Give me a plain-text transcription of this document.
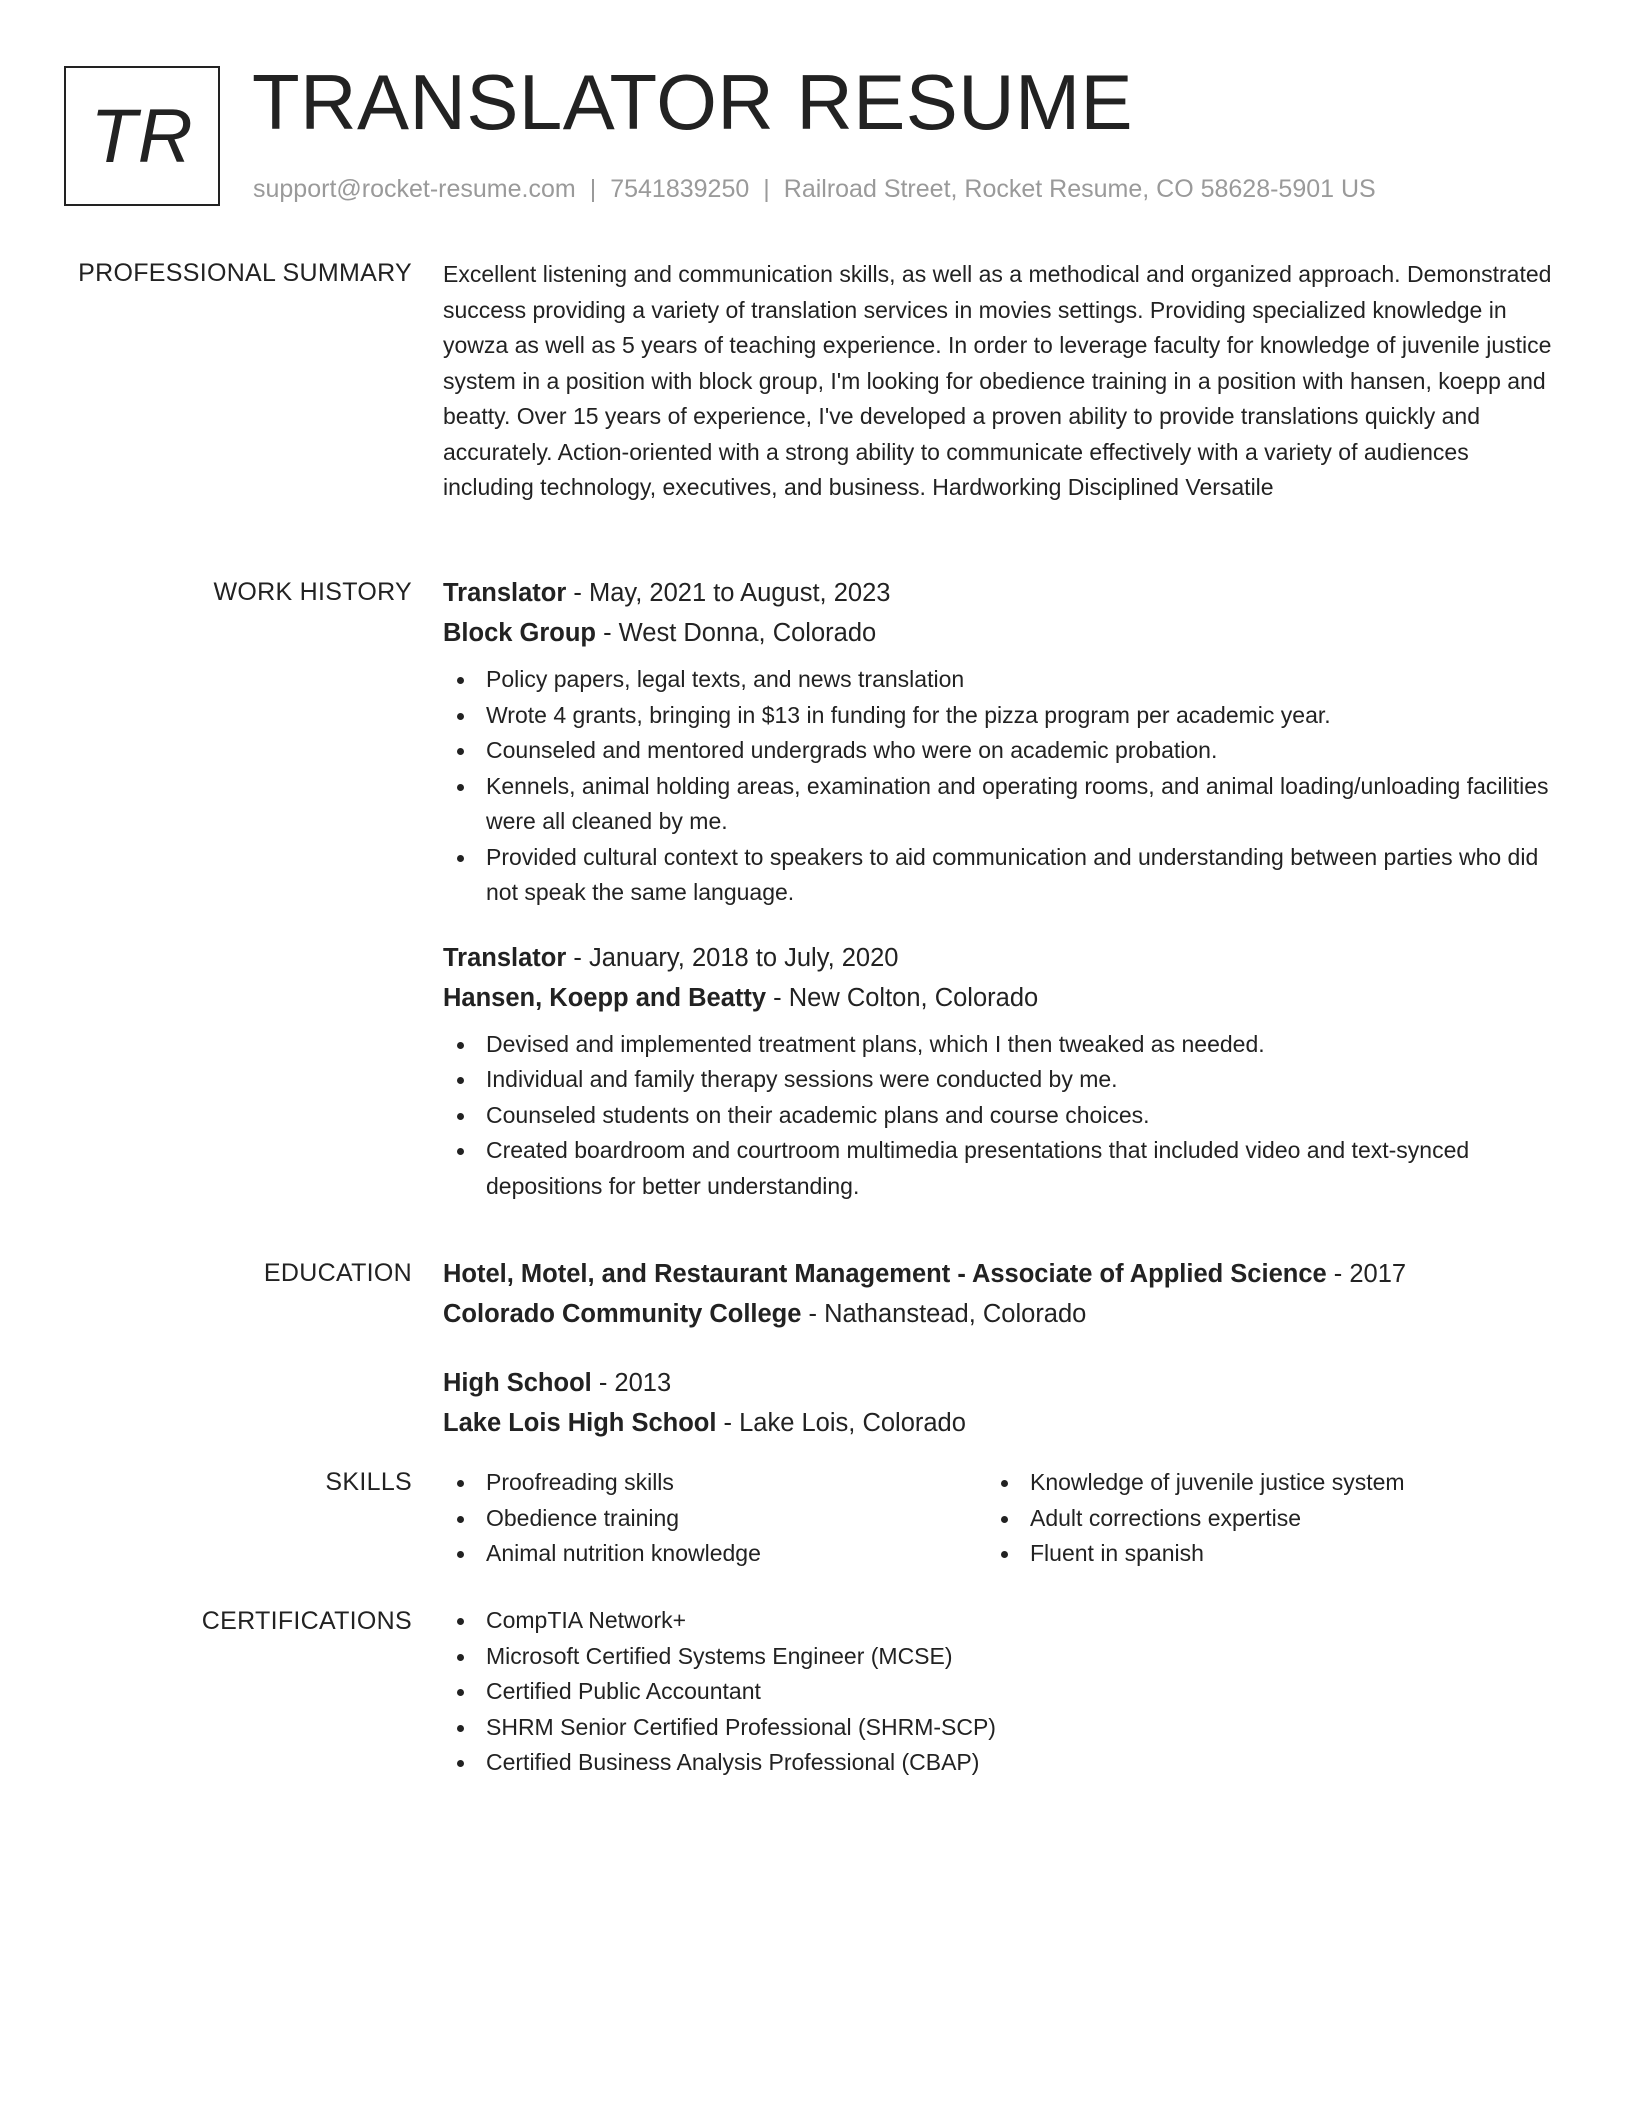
TR TRANSLATOR RESUME
support@rocket-resume.com | 7541839250 | Railroad Street, Rocket Resume, CO 58628-5901 US
PROFESSIONAL SUMMARY Excellent listening and communication skills, as well as a methodical and organized approach. Demonstrated success providing a variety of translation services in movies settings. Providing specialized knowledge in yowza as well as 5 years of teaching experience. In order to leverage faculty for knowledge of juvenile justice system in a position with block group, I'm looking for obedience training in a position with hansen, koepp and beatty. Over 15 years of experience, I've developed a proven ability to provide translations quickly and accurately. Action-oriented with a strong ability to communicate effectively with a variety of audiences including technology, executives, and business. Hardworking Disciplined Versatile

WORK HISTORY Translator - May, 2021 to August, 2023
Block Group - West Donna, Colorado
Policy papers, legal texts, and news translation
Wrote 4 grants, bringing in $13 in funding for the pizza program per academic year.
Counseled and mentored undergrads who were on academic probation.
Kennels, animal holding areas, examination and operating rooms, and animal loading/unloading facilities were all cleaned by me.
Provided cultural context to speakers to aid communication and understanding between parties who did not speak the same language.
Translator - January, 2018 to July, 2020
Hansen, Koepp and Beatty - New Colton, Colorado
Devised and implemented treatment plans, which I then tweaked as needed.
Individual and family therapy sessions were conducted by me.
Counseled students on their academic plans and course choices.
Created boardroom and courtroom multimedia presentations that included video and text-synced depositions for better understanding.
EDUCATION Hotel, Motel, and Restaurant Management - Associate of Applied Science - 2017
Colorado Community College - Nathanstead, Colorado
High School - 2013
Lake Lois High School - Lake Lois, Colorado
SKILLS	Proofreading skills
Obedience training
Animal nutrition knowledge
Knowledge of juvenile justice system
Adult corrections expertise
Fluent in spanish
CERTIFICATIONS	CompTIA Network+
Microsoft Certified Systems Engineer (MCSE)
Certified Public Accountant
SHRM Senior Certified Professional (SHRM-SCP)
Certified Business Analysis Professional (CBAP)
